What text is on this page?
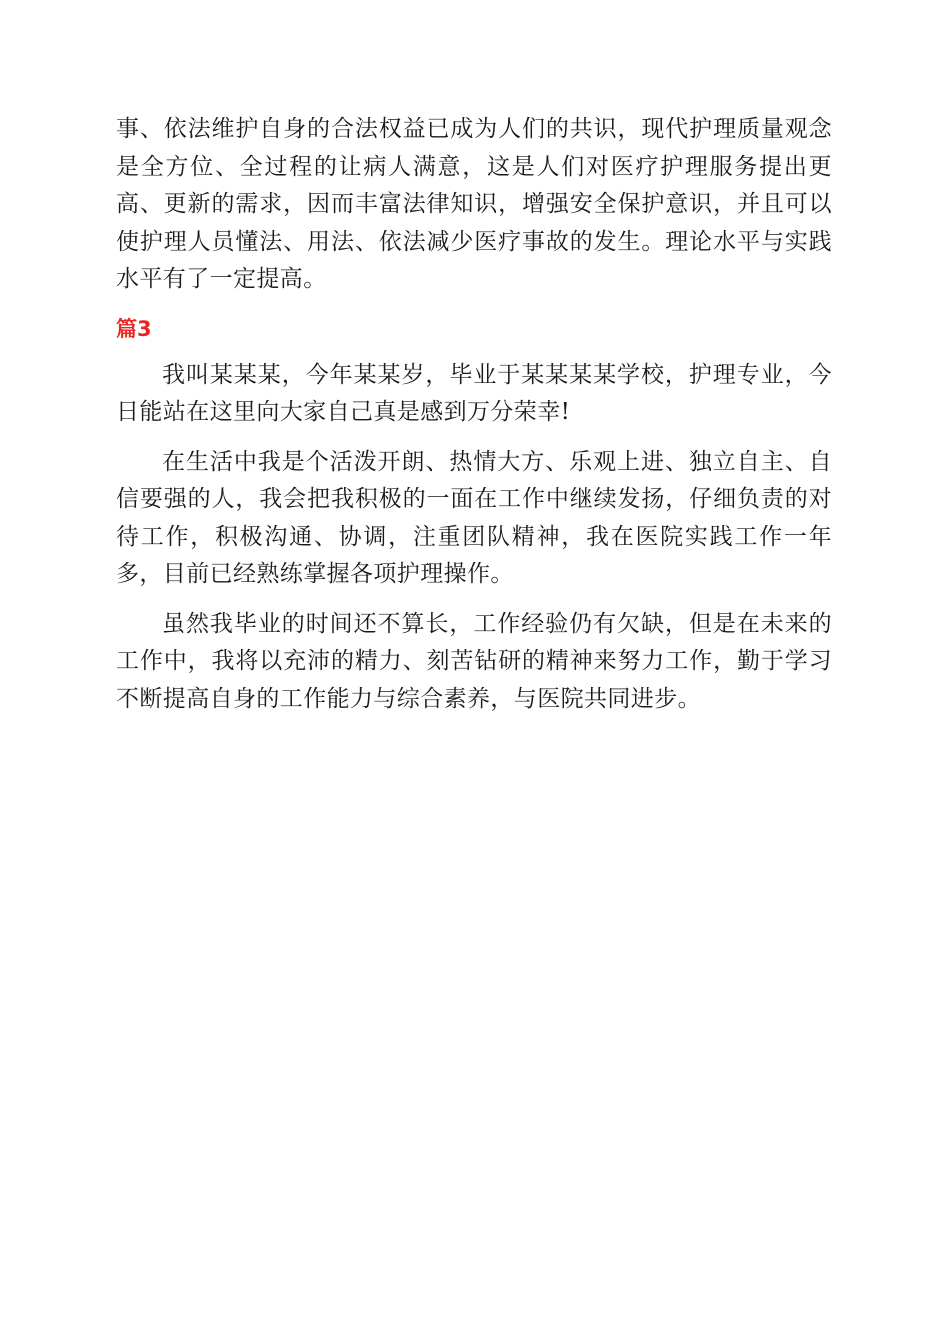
事、依法维护自身的合法权益已成为人们的共识，现代护理质量观念是全方位、全过程的让病人满意，这是人们对医疗护理服务提出更高、更新的需求，因而丰富法律知识，增强安全保护意识，并且可以使护理人员懂法、用法、依法减少医疗事故的发生。理论水平与实践水平有了一定提高。

篇3

我叫某某某，今年某某岁，毕业于某某某某学校，护理专业，今日能站在这里向大家自己真是感到万分荣幸!

在生活中我是个活泼开朗、热情大方、乐观上进、独立自主、自信要强的人，我会把我积极的一面在工作中继续发扬，仔细负责的对待工作，积极沟通、协调，注重团队精神，我在医院实践工作一年多，目前已经熟练掌握各项护理操作。

虽然我毕业的时间还不算长，工作经验仍有欠缺，但是在未来的工作中，我将以充沛的精力、刻苦钻研的精神来努力工作，勤于学习不断提高自身的工作能力与综合素养，与医院共同进步。
